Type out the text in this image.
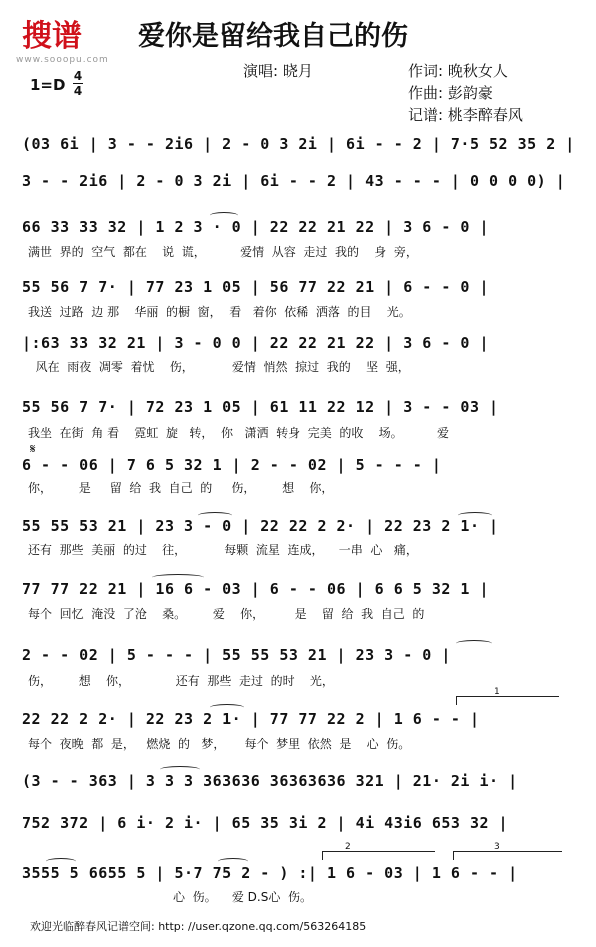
搜谱
www.sooopu.com
爱你是留给我自己的伤
1=D 4
4
演唱: 晓月	作词: 晚秋女人
作曲: 彭韵豪
记谱: 桃李醉春风
(03 6i | 3 - - 2i6 | 2 - 0 3 2i | 6i - - 2 | 7·5 52 35 2 |
3 - - 2i6 | 2 - 0 3 2i | 6i - - 2 | 43 - - - | 0 0 0 0) |
66 33 33 32 | 1 2 3 · 0 | 22 22 21 22 | 3 6 - 0 |
满世  界的  空气  都在    说  谎，         爱情  从容  走过  我的    身  旁，
55 56 7 7· | 77 23 1 05 | 56 77 22 21 | 6 - - 0 |
我送  过路  边 那    华丽  的橱  窗，  看   着你  依稀  洒落  的目    光。
|:63 33 32 21 | 3 - 0 0 | 22 22 21 22 | 3 6 - 0 |
风在  雨夜  凋零  着忧    伤，          爱情  悄然  掠过  我的    坚  强，
55 56 7 7· | 72 23 1 05 | 61 11 22 12 | 3 - - 03 |
我坐  在街  角 看    霓虹  旋   转，  你   潇洒  转身  完美  的收    场。         爱
𝄋
6 - - 06 | 7 6 5 32 1 | 2 - - 02 | 5 - - - |
你，       是     留  给  我  自己  的     伤，       想    你，
55 55 53 21 | 23 3 - 0 | 22 22 2 2· | 22 23 2 1· |
还有  那些  美丽  的过    往，          每颗  流星  连成，    一串  心   痛，
77 77 22 21 | 16 6 - 03 | 6 - - 06 | 6 6 5 32 1 |
每个  回忆  淹没  了沧    桑。       爱    你，        是    留  给  我  自己  的
2 - - 02 | 5 - - - | 55 55 53 21 | 23 3 - 0 |
伤，       想    你，            还有  那些  走过  的时    光，
1
22 22 2 2· | 22 23 2 1· | 77 77 22 2 | 1 6 - - |
每个  夜晚  都  是，   燃烧  的   梦，     每个  梦里  依然  是    心  伤。
(3 - - 363 | 3 3 3 363636 36363636 321 | 21· 2i i· |
752 372 | 6 i· 2 i· | 65 35 3i 2 | 4i 43i6 653 32 |
2	3
3555 5 6655 5 | 5·7 75 2 - ) :| 1 6 - 03 | 1 6 - - |
心  伤。    爱 D.S心  伤。
欢迎光临醉春风记谱空间: http: //user.qzone.qq.com/563264185
